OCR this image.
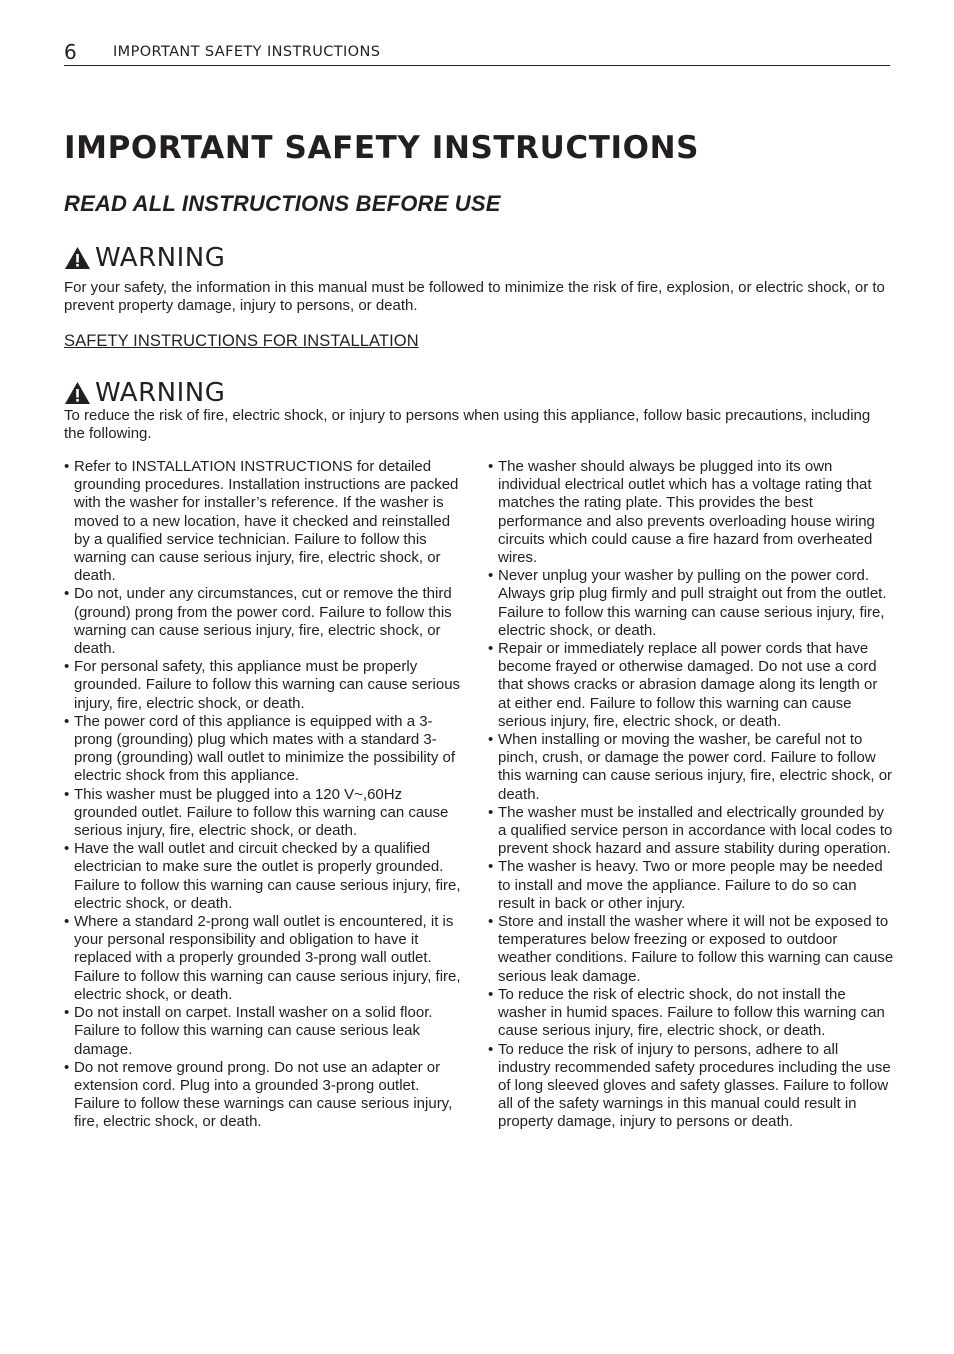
6	IMPORTANT SAFETY INSTRUCTIONS
IMPORTANT SAFETY INSTRUCTIONS
READ ALL INSTRUCTIONS BEFORE USE
WARNING

For your safety, the information in this manual must be followed to minimize the risk of fire, explosion, or electric shock, or to prevent property damage, injury to persons, or death.

SAFETY INSTRUCTIONS FOR INSTALLATION
WARNING

To reduce the risk of fire, electric shock, or injury to persons when using this appliance, follow basic precautions, including the following.

• Refer to INSTALLATION INSTRUCTIONS for detailed grounding procedures. Installation instructions are packed with the washer for installer’s reference. If the washer is moved to a new location, have it checked and reinstalled by a qualified service technician. Failure to follow this warning can cause serious injury, fire, electric shock, or death.
• Do not, under any circumstances, cut or remove the third (ground) prong from the power cord. Failure to follow this warning can cause serious injury, fire, electric shock, or death.
• For personal safety, this appliance must be properly grounded. Failure to follow this warning can cause serious injury, fire, electric shock, or death.
• The power cord of this appliance is equipped with a 3-prong (grounding) plug which mates with a standard 3-prong (grounding) wall outlet to minimize the possibility of electric shock from this appliance.
• This washer must be plugged into a 120 V~,60Hz grounded outlet. Failure to follow this warning can cause serious injury, fire, electric shock, or death.
• Have the wall outlet and circuit checked by a qualified electrician to make sure the outlet is properly grounded. Failure to follow this warning can cause serious injury, fire, electric shock, or death.
• Where a standard 2-prong wall outlet is encountered, it is your personal responsibility and obligation to have it replaced with a properly grounded 3-prong wall outlet. Failure to follow this warning can cause serious injury, fire, electric shock, or death.
• Do not install on carpet. Install washer on a solid floor. Failure to follow this warning can cause serious leak damage.
• Do not remove ground prong. Do not use an adapter or extension cord. Plug into a grounded 3-prong outlet. Failure to follow these warnings can cause serious injury, fire, electric shock, or death.
• The washer should always be plugged into its own individual electrical outlet which has a voltage rating that matches the rating plate. This provides the best performance and also prevents overloading house wiring circuits which could cause a fire hazard from overheated wires.
• Never unplug your washer by pulling on the power cord. Always grip plug firmly and pull straight out from the outlet. Failure to follow this warning can cause serious injury, fire, electric shock, or death.
• Repair or immediately replace all power cords that have become frayed or otherwise damaged. Do not use a cord that shows cracks or abrasion damage along its length or at either end. Failure to follow this warning can cause serious injury, fire, electric shock, or death.
• When installing or moving the washer, be careful not to pinch, crush, or damage the power cord. Failure to follow this warning can cause serious injury, fire, electric shock, or death.
• The washer must be installed and electrically grounded by a qualified service person in accordance with local codes to prevent shock hazard and assure stability during operation.
• The washer is heavy. Two or more people may be needed to install and move the appliance. Failure to do so can result in back or other injury.
• Store and install the washer where it will not be exposed to temperatures below freezing or exposed to outdoor weather conditions. Failure to follow this warning can cause serious leak damage.
• To reduce the risk of electric shock, do not install the washer in humid spaces. Failure to follow this warning can cause serious injury, fire, electric shock, or death.
• To reduce the risk of injury to persons, adhere to all industry recommended safety procedures including the use of long sleeved gloves and safety glasses. Failure to follow all of the safety warnings in this manual could result in property damage, injury to persons or death.
